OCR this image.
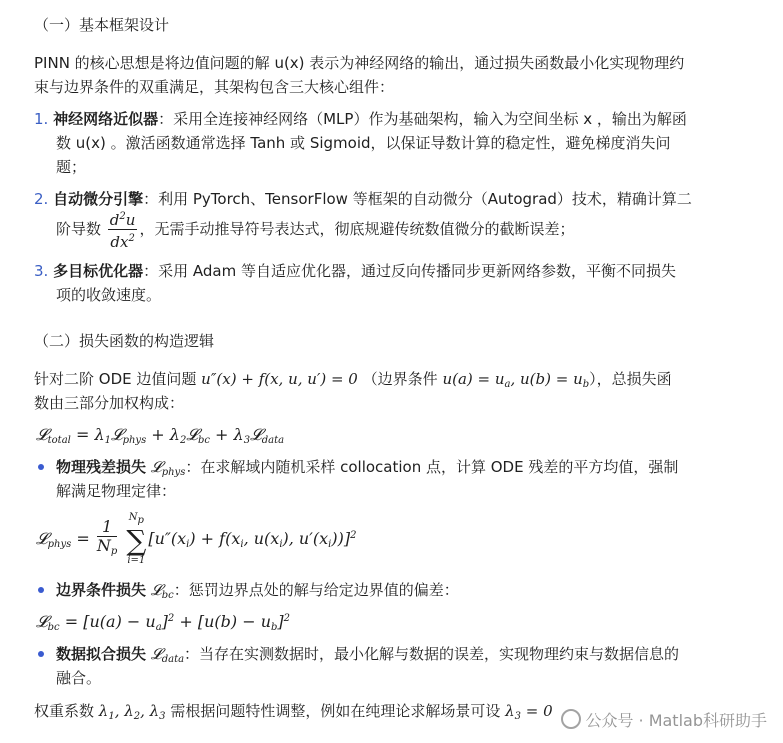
（一）基本框架设计
PINN 的核心思想是将边值问题的解 u(x) 表示为神经网络的输出，通过损失函数最小化实现物理约
束与边界条件的双重满足，其架构包含三大核心组件：
1. 神经网络近似器：采用全连接神经网络（MLP）作为基础架构，输入为空间坐标 x ，输出为解函
数 u(x) 。激活函数通常选择 Tanh 或 Sigmoid，以保证导数计算的稳定性，避免梯度消失问
题；
2. 自动微分引擎：利用 PyTorch、TensorFlow 等框架的自动微分（Autograd）技术，精确计算二
阶导数 $\frac{d^2u}{dx^2}$ ，无需手动推导符号表达式，彻底规避传统数值微分的截断误差；
3. 多目标优化器：采用 Adam 等自适应优化器，通过反向传播同步更新网络参数，平衡不同损失
项的收敛速度。
（二）损失函数的构造逻辑
针对二阶 ODE 边值问题 u″(x) + f(x, u, u′) = 0 （边界条件 $u(a) = u_a$, $u(b) = u_b$），总损失函
数由三部分加权构成：
𝓛$_{total}$ = $\lambda_1𝓛_{phys}$ + $\lambda_2𝓛_{bc}$ + $\lambda_3𝓛_{data}$
物理残差损失 𝓛$_{phys}$：在求解域内随机采样 collocation 点，计算 ODE 残差的平方均值，强制
解满足物理定律：
𝓛$_{phys}$ = $\frac{1}{N_p}$

Np
∑
i=1
[$u''(x_i) + f(x_i$, $u(x_i)$, $u'(x_i))]^2$
边界条件损失 𝓛$_{bc}$：惩罚边界点处的解与给定边界值的偏差：
𝓛$_{bc}$ = $[u(a) - u_a]^2 + [u(b) - u_b]^2$
数据拟合损失 𝓛$_{data}$：当存在实测数据时，最小化解与数据的误差，实现物理约束与数据信息的
融合。
权重系数 $\lambda_1$, $\lambda_2$, $\lambda_3$ 需根据问题特性调整，例如在纯理论求解场景可设 $\lambda_3 = 0$	公众号 · Matlab科研助手
